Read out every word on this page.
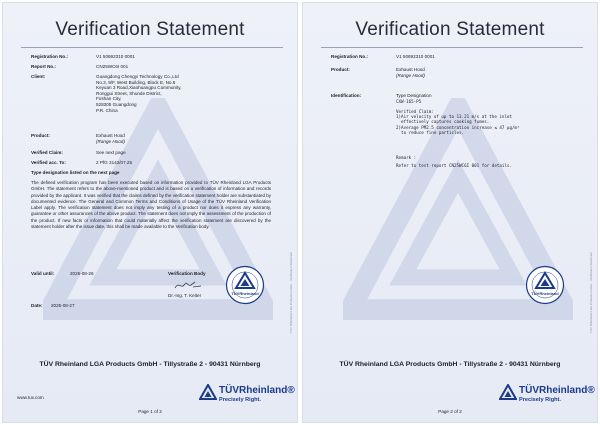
Verification Statement
Registration No.:	V1 50692310 0001
Report No.:	CN25WC6I 001
Client:	Guangdong Chengyi Technology Co.,Ltd
No.3, 9/F, West Building, Block E, No.6
Keyuan 3 Road,Xiaohuangpu Community,
Ronggui Street, Shunde District,
Foshan City,
528305 Guangdong
P.R. China
Product:	Exhaust Hood
(Range Hood)
Verified Claim:	See next page
Verified acc. To:	2 PfG 3143/07.25
Type designation listed on the next page
The defined verification program has been executed based on information provided to TÜV Rheinland LGA Products GmbH. The statement refers to the above-mentioned product and is based on a verification of information and records provided by the applicant. It was verified that the claims defined by the verification statement holder are substantiated by documented evidence. The General and Common Terms and Conditions of Usage of the TÜV Rheinland Verification Label apply. The verification statement does not imply any testing of a product nor does it express any warranty, guarantee or other assurances of the above product. The statement does not imply the assessment of the production of the product. If new facts or information that could materially affect the verification statement are discovered by the statement holder after the issue date, this shall be made available to the Verification body.
Valid until:	2026-08-26	Verification Body
Dr.-Ing. T. Keiter
Date: 2025-08-27
TÜVRheinland
TÜV Rheinland LGA Products GmbH - Tillystraße 2 - 90431 Nürnberg
www.tuv.com
TÜVRheinland®
Precisely Right.
Page 1 of 2
TÜV Rheinland LGA Products GmbH · Verification Statement
Verification Statement
Registration No.:	V1 50692310 0001
Product:	Exhaust Hood
(Range Hood)
Identification:	Type Designation
CXW-165-P5
Verified Claim:
1)Air velocity of up to 13.21 m/s at the inlet
effectively captures cooking fumes.
2)Average PM2.5 concentration increase ≤ 47 μg/m³
to reduce fine particles.
Remark :
Refer to test report CN25WC6I 001 for details.
TÜVRheinland
TÜV Rheinland LGA Products GmbH - Tillystraße 2 - 90431 Nürnberg
TÜVRheinland®
Precisely Right.
Page 2 of 2
TÜV Rheinland LGA Products GmbH · Verification Statement
